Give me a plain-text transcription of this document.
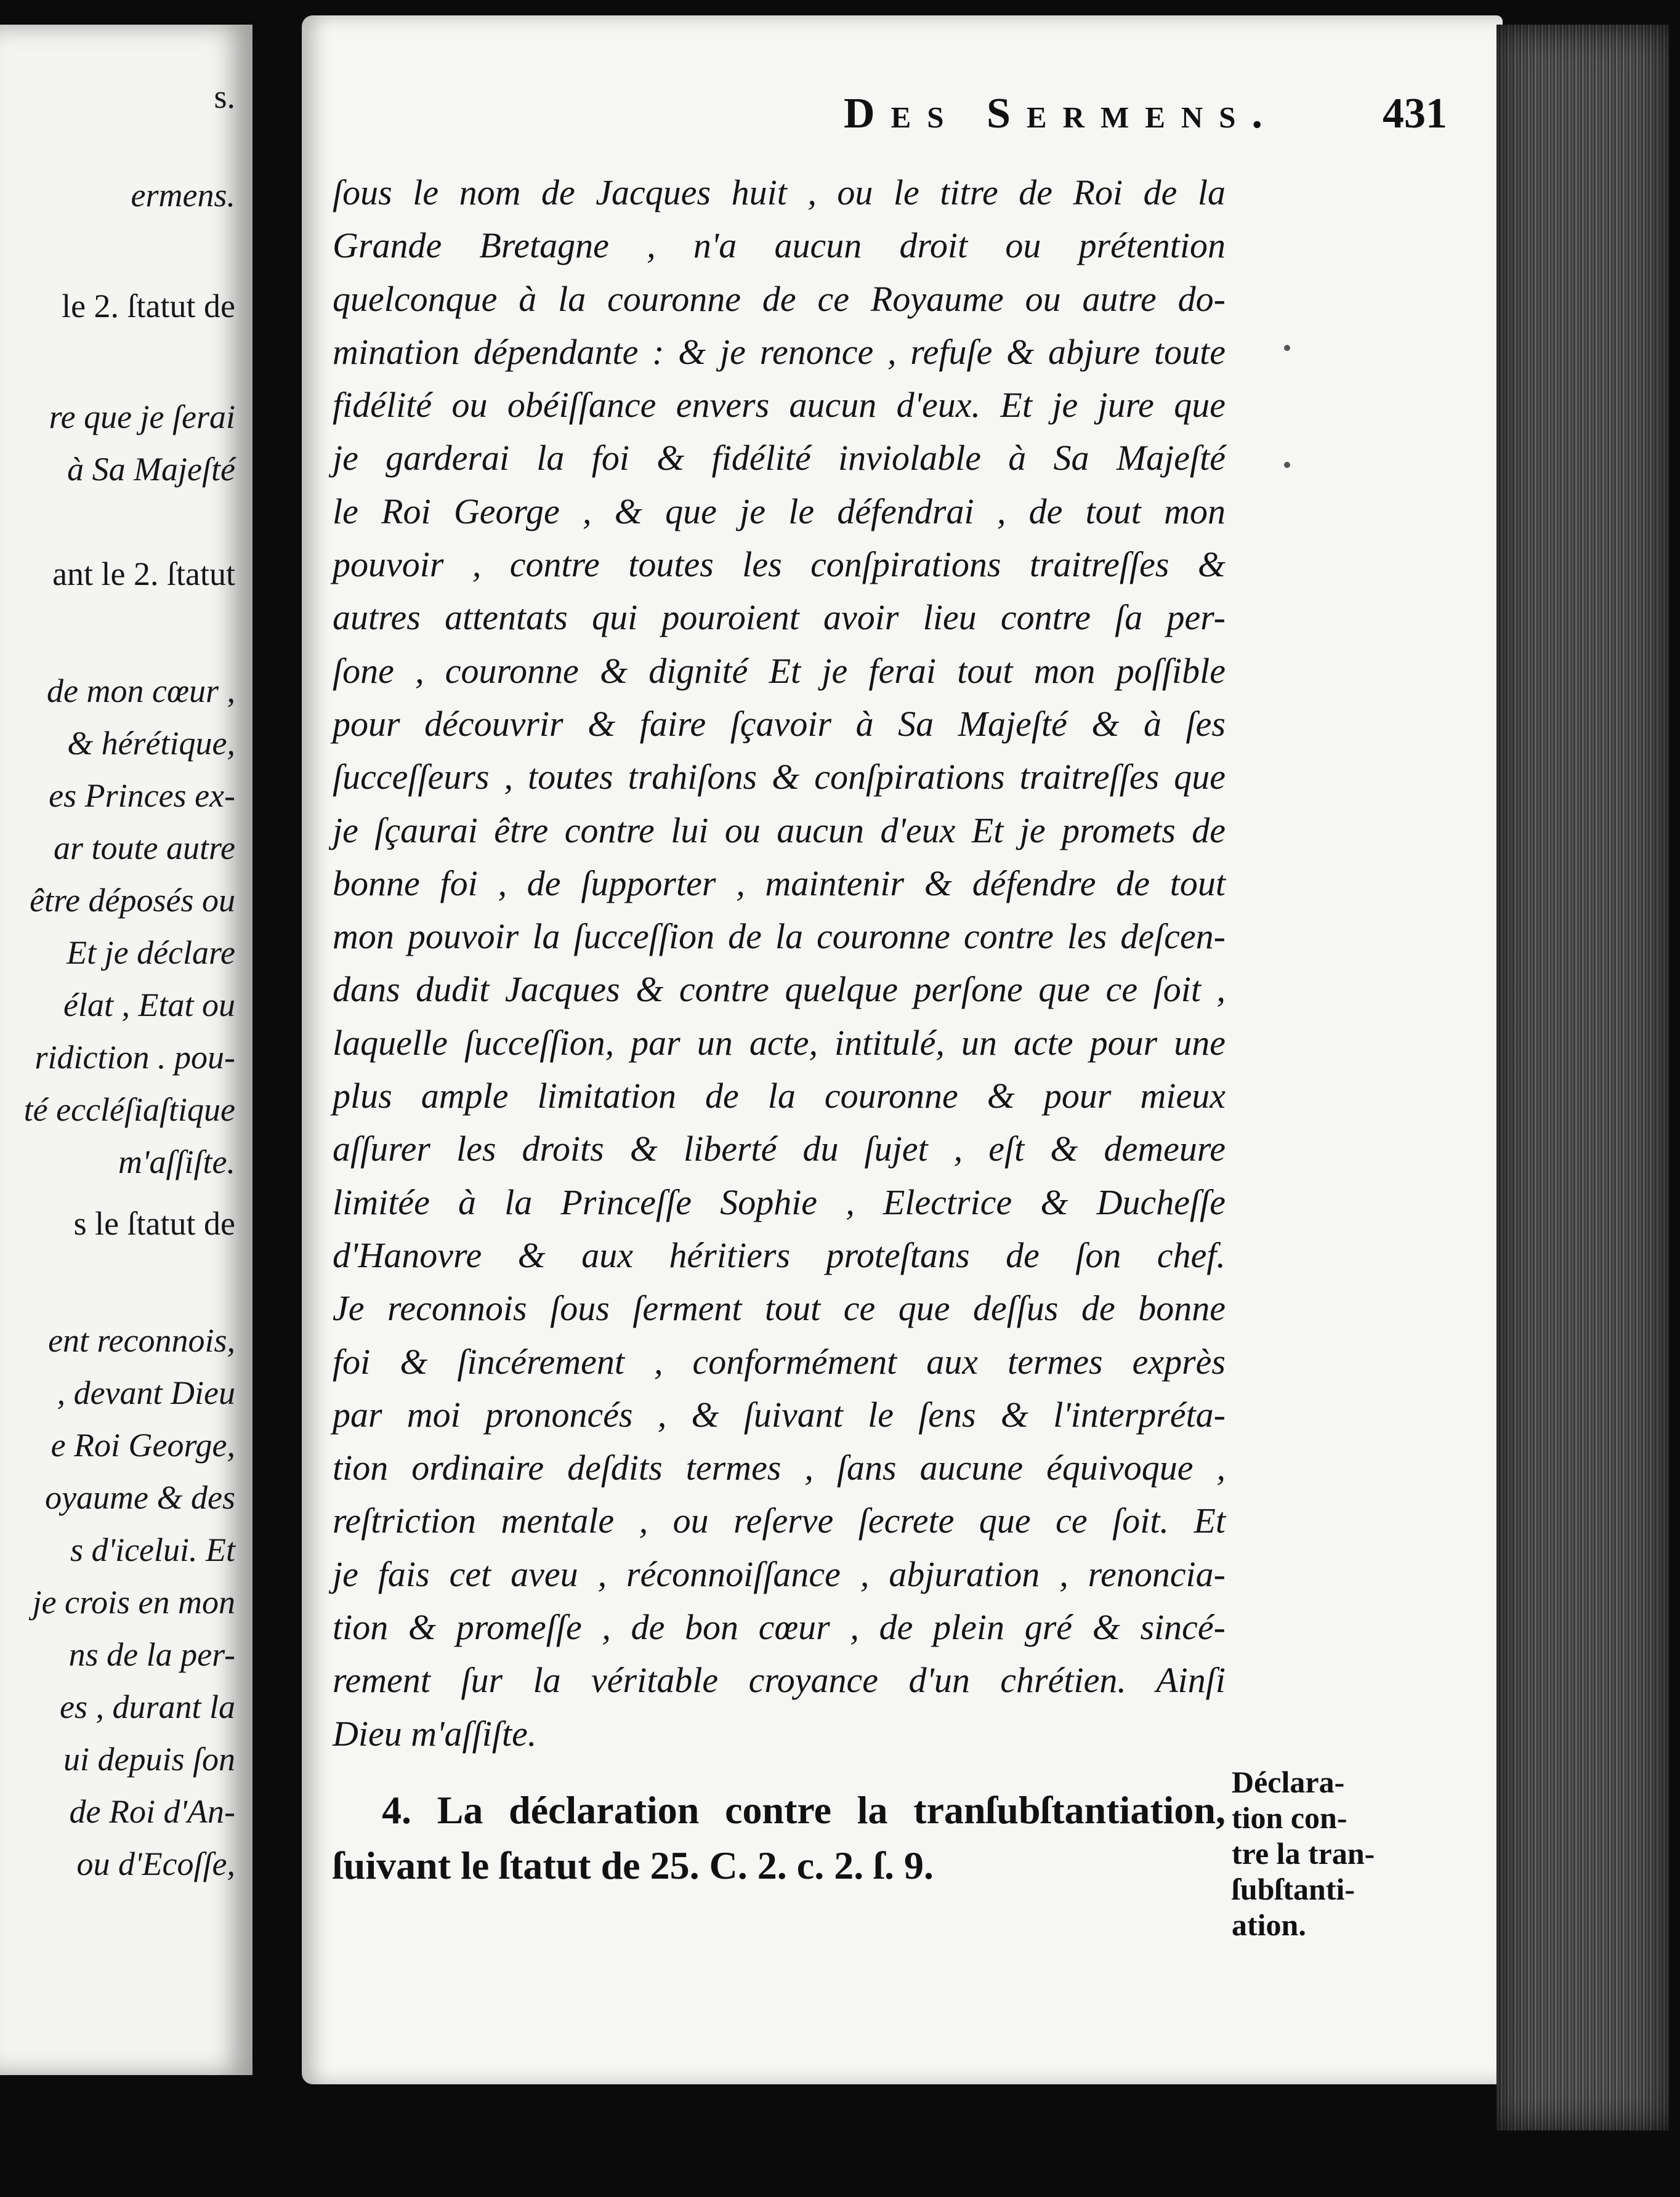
s.
ermens.
le 2. ſtatut de
re que je ſerai
à Sa Majeſté
ant le 2. ſtatut
de mon cœur ,
& hérétique,
es Princes ex-
ar toute autre
être déposés ou
Et je déclare
élat , Etat ou
ridiction . pou-
té eccléſiaſtique
m'aſſiſte.
s le ſtatut de
ent reconnois,
, devant Dieu
e Roi George,
oyaume & des
s d'icelui. Et
je crois en mon
ns de la per-
es , durant la
ui depuis ſon
de Roi d'An-
ou d'Ecoſſe,
Des Sermens. 431
ſous le nom de Jacques huit , ou le titre de Roi de la
Grande Bretagne , n'a aucun droit ou prétention
quelconque à la couronne de ce Royaume ou autre do-
mination dépendante : & je renonce , refuſe & abjure toute
fidélité ou obéiſſance envers aucun d'eux. Et je jure que
je garderai la foi & fidélité inviolable à Sa Majeſté
le Roi George , & que je le défendrai , de tout mon
pouvoir , contre toutes les conſpirations traitreſſes &
autres attentats qui pouroient avoir lieu contre ſa per-
ſone , couronne & dignité Et je ferai tout mon poſſible
pour découvrir & faire ſçavoir à Sa Majeſté & à ſes
ſucceſſeurs , toutes trahiſons & conſpirations traitreſſes que
je ſçaurai être contre lui ou aucun d'eux Et je promets de
bonne foi , de ſupporter , maintenir & défendre de tout
mon pouvoir la ſucceſſion de la couronne contre les deſcen-
dans dudit Jacques & contre quelque perſone que ce ſoit ,
laquelle ſucceſſion, par un acte, intitulé, un acte pour une
plus ample limitation de la couronne & pour mieux
aſſurer les droits & liberté du ſujet , eſt & demeure
limitée à la Princeſſe Sophie , Electrice & Ducheſſe
d'Hanovre & aux héritiers proteſtans de ſon chef.
Je reconnois ſous ſerment tout ce que deſſus de bonne
foi & ſincérement , conformément aux termes exprès
par moi prononcés , & ſuivant le ſens & l'interpréta-
tion ordinaire deſdits termes , ſans aucune équivoque ,
reſtriction mentale , ou reſerve ſecrete que ce ſoit. Et
je fais cet aveu , réconnoiſſance , abjuration , renoncia-
tion & promeſſe , de bon cœur , de plein gré & sincé-
rement ſur la véritable croyance d'un chrétien. Ainſi
Dieu m'aſſiſte.
4. La déclaration contre la tranſubſtantiation,
ſuivant le ſtatut de 25. C. 2. c. 2. ſ. 9.
Déclara-
tion con-
tre la tran-
ſubſtanti-
ation.
